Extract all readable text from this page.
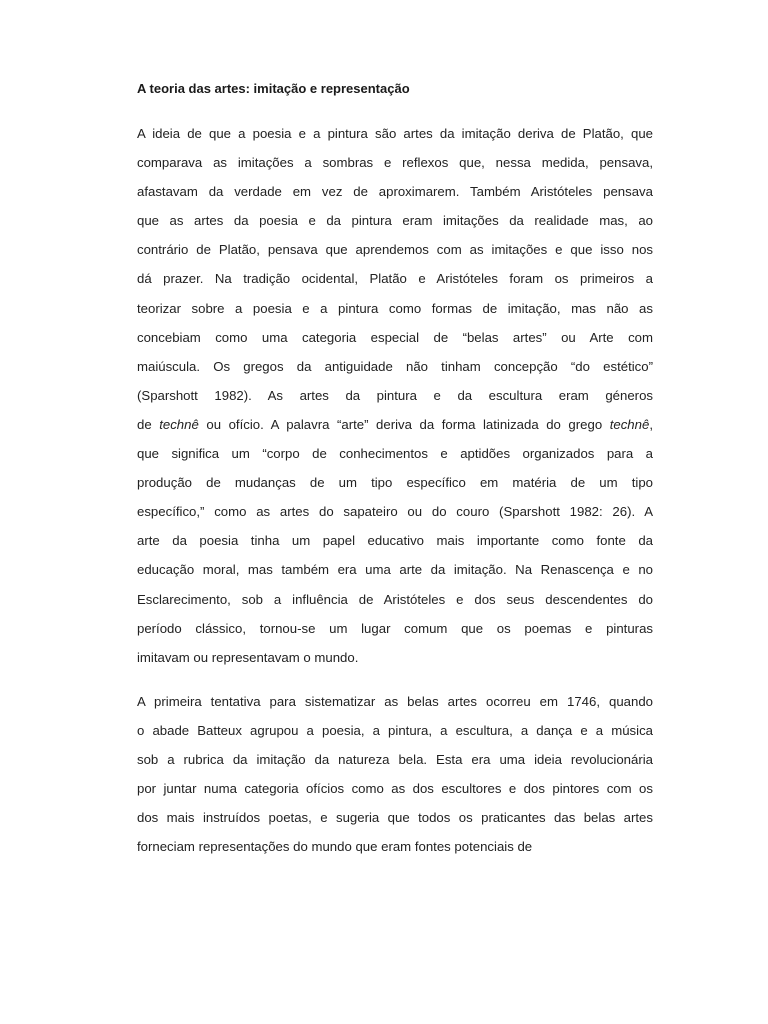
A teoria das artes: imitação e representação
A ideia de que a poesia e a pintura são artes da imitação deriva de Platão, que
comparava as imitações a sombras e reflexos que, nessa medida, pensava,
afastavam da verdade em vez de aproximarem. Também Aristóteles pensava
que as artes da poesia e da pintura eram imitações da realidade mas, ao
contrário de Platão, pensava que aprendemos com as imitações e que isso nos
dá prazer. Na tradição ocidental, Platão e Aristóteles foram os primeiros a
teorizar sobre a poesia e a pintura como formas de imitação, mas não as
concebiam como uma categoria especial de “belas artes” ou Arte com
maiúscula. Os gregos da antiguidade não tinham concepção “do estético”
(Sparshott 1982). As artes da pintura e da escultura eram géneros
de technê ou ofício. A palavra “arte” deriva da forma latinizada do grego technê,
que significa um “corpo de conhecimentos e aptidões organizados para a
produção de mudanças de um tipo específico em matéria de um tipo
específico,” como as artes do sapateiro ou do couro (Sparshott 1982: 26). A
arte da poesia tinha um papel educativo mais importante como fonte da
educação moral, mas também era uma arte da imitação. Na Renascença e no
Esclarecimento, sob a influência de Aristóteles e dos seus descendentes do
período clássico, tornou-se um lugar comum que os poemas e pinturas
imitavam ou representavam o mundo.
A primeira tentativa para sistematizar as belas artes ocorreu em 1746, quando
o abade Batteux agrupou a poesia, a pintura, a escultura, a dança e a música
sob a rubrica da imitação da natureza bela. Esta era uma ideia revolucionária
por juntar numa categoria ofícios como as dos escultores e dos pintores com os
dos mais instruídos poetas, e sugeria que todos os praticantes das belas artes
forneciam representações do mundo que eram fontes potenciais de
